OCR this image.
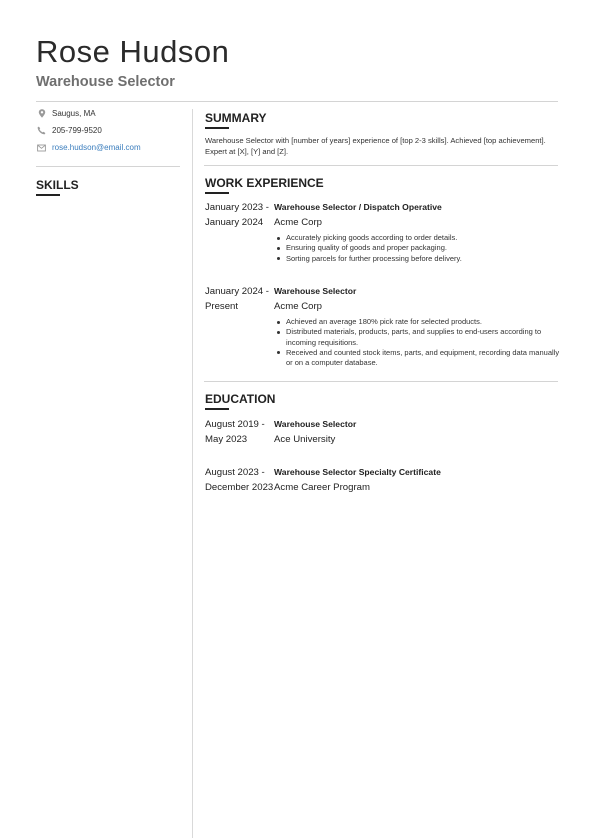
Rose Hudson
Warehouse Selector
Saugus, MA
205-799-9520
rose.hudson@email.com
SKILLS
SUMMARY

Warehouse Selector with [number of years] experience of [top 2-3 skills]. Achieved [top achievement]. Expert at [X], [Y] and [Z].

WORK EXPERIENCE
January 2023 -
January 2024
Warehouse Selector / Dispatch Operative
Acme Corp
Accurately picking goods according to order details.
Ensuring quality of goods and proper packaging.
Sorting parcels for further processing before delivery.
January 2024 -
Present
Warehouse Selector
Acme Corp
Achieved an average 180% pick rate for selected products.
Distributed materials, products, parts, and supplies to end-users according to incoming requisitions.
Received and counted stock items, parts, and equipment, recording data manually or on a computer database.
EDUCATION
August 2019 -
May 2023
Warehouse Selector
Ace University
August 2023 -
December 2023
Warehouse Selector Specialty Certificate
Acme Career Program
